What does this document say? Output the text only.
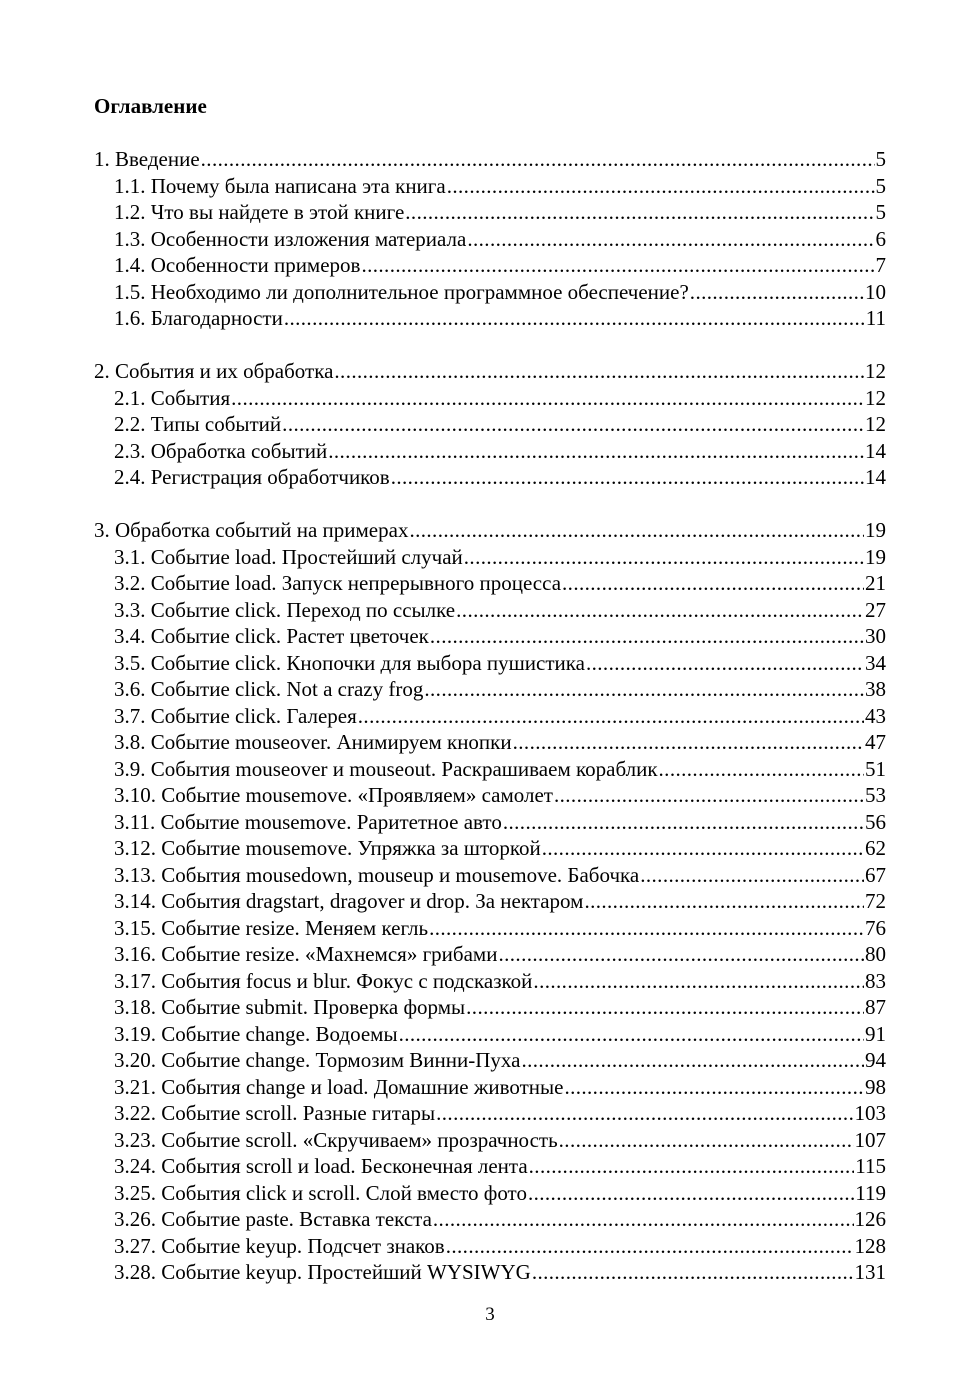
Оглавление
1. Введение .....	5
1.1. Почему была написана эта книга .....	5
1.2. Что вы найдете в этой книге .....	5
1.3. Особенности изложения материала .....	6
1.4. Особенности примеров .....	7
1.5. Необходимо ли дополнительное программное обеспечение? .....	10
1.6. Благодарности .....	11
2. События и их обработка .....	12
2.1. События .....	12
2.2. Типы событий .....	12
2.3. Обработка событий .....	14
2.4. Регистрация обработчиков .....	14
3. Обработка событий на примерах .....	19
3.1. Событие load. Простейший случай .....	19
3.2. Событие load. Запуск непрерывного процесса .....	21
3.3. Событие click. Переход по ссылке .....	27
3.4. Событие click. Растет цветочек .....	30
3.5. Событие click. Кнопочки для выбора пушистика .....	34
3.6. Событие click. Not a crazy frog .....	38
3.7. Событие click. Галерея .....	43
3.8. Событие mouseover. Анимируем кнопки .....	47
3.9. События mouseover и mouseout. Раскрашиваем кораблик .....	51
3.10. Событие mousemove. «Проявляем» самолет .....	53
3.11. Событие mousemove. Раритетное авто .....	56
3.12. Событие mousemove. Упряжка за шторкой .....	62
3.13. События mousedown, mouseup и mousemove. Бабочка .....	67
3.14. События dragstart, dragover и drop. За нектаром .....	72
3.15. Событие resize. Меняем кегль .....	76
3.16. Событие resize. «Махнемся» грибами .....	80
3.17. События focus и blur. Фокус с подсказкой .....	83
3.18. Событие submit. Проверка формы .....	87
3.19. Событие change. Водоемы .....	91
3.20. Событие change. Тормозим Винни-Пуха .....	94
3.21. События change и load. Домашние животные .....	98
3.22. Событие scroll. Разные гитары .....	103
3.23. Событие scroll. «Скручиваем» прозрачность .....	107
3.24. События scroll и load. Бесконечная лента .....	115
3.25. События click и scroll. Слой вместо фото .....	119
3.26. Событие paste. Вставка текста .....	126
3.27. Событие keyup. Подсчет знаков .....	128
3.28. Событие keyup. Простейший WYSIWYG .....	131
3
